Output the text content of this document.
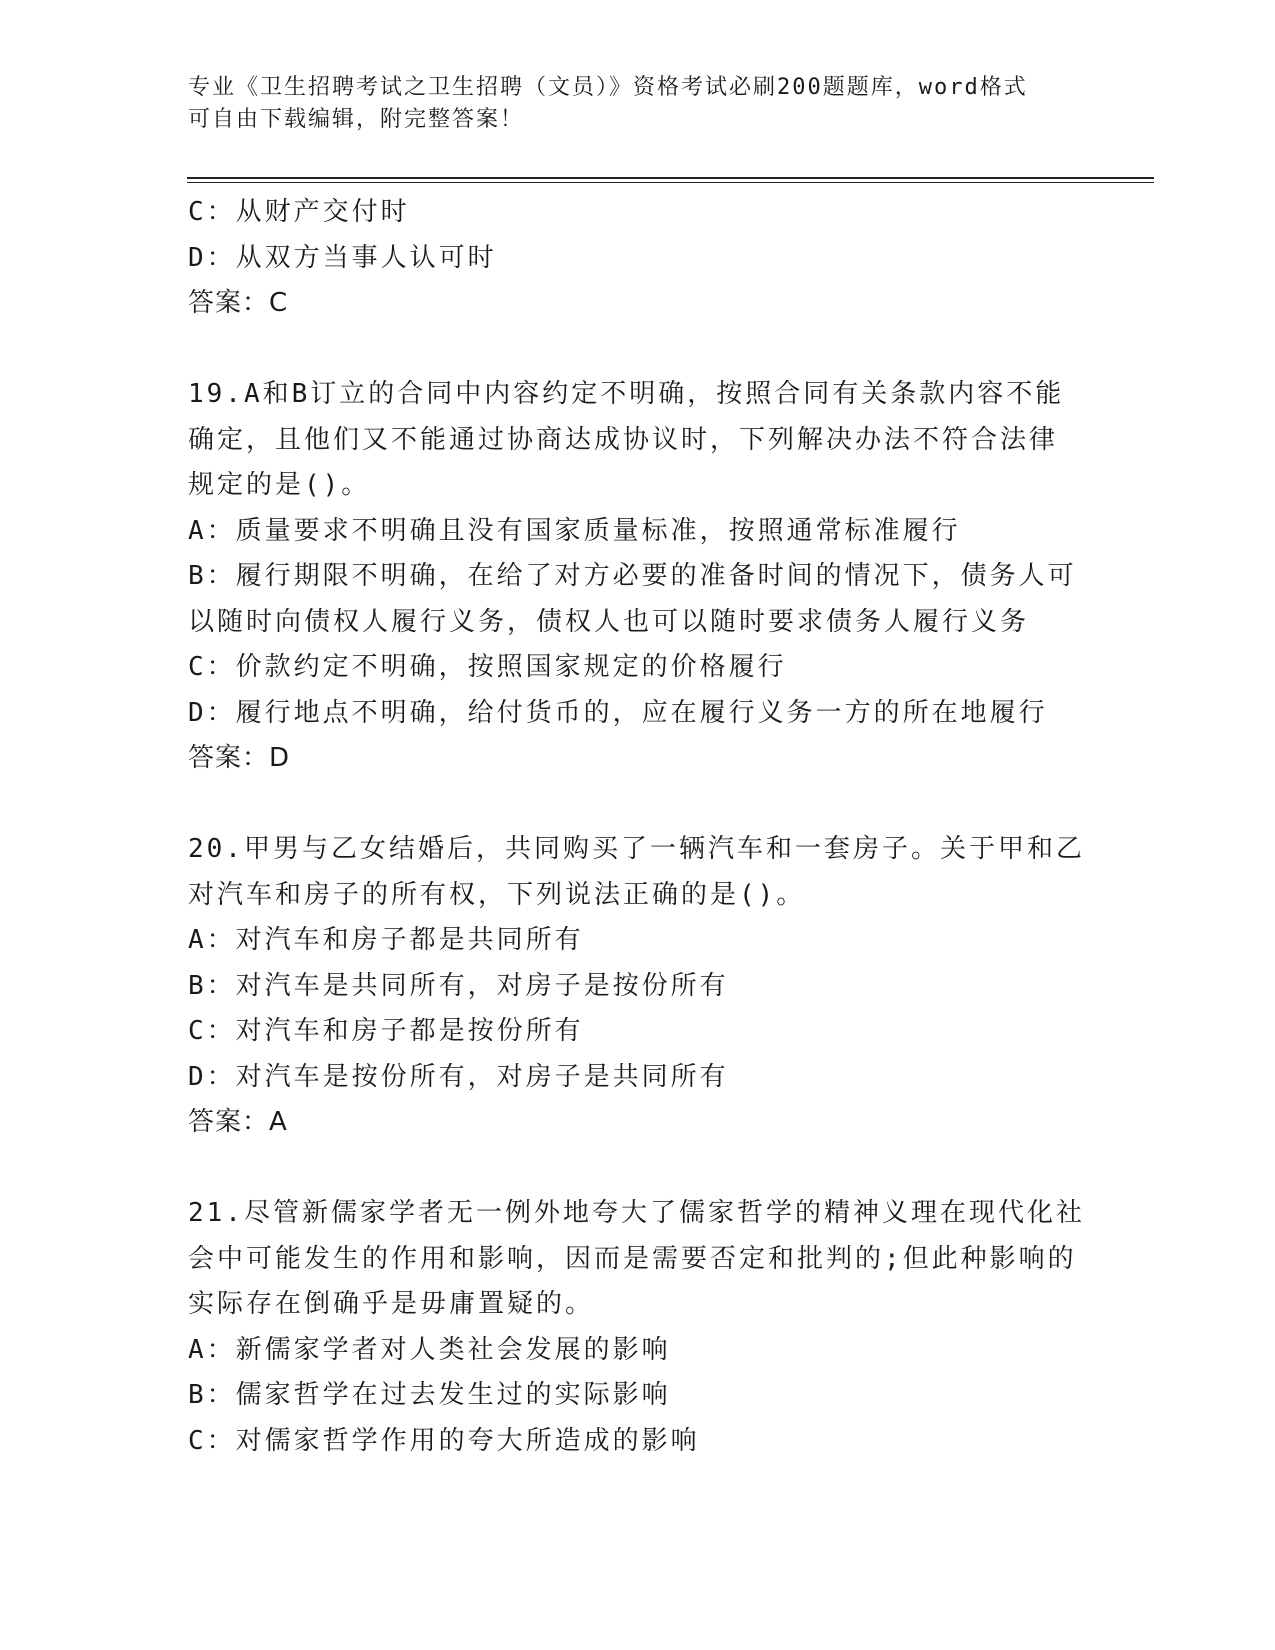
专业《卫生招聘考试之卫生招聘（文员）》资格考试必刷200题题库，word格式
可自由下载编辑，附完整答案！
C：从财产交付时
D：从双方当事人认可时
答案：C
19.A和B订立的合同中内容约定不明确，按照合同有关条款内容不能
确定，且他们又不能通过协商达成协议时，下列解决办法不符合法律
规定的是()。
A：质量要求不明确且没有国家质量标准，按照通常标准履行
B：履行期限不明确，在给了对方必要的准备时间的情况下，债务人可
以随时向债权人履行义务，债权人也可以随时要求债务人履行义务
C：价款约定不明确，按照国家规定的价格履行
D：履行地点不明确，给付货币的，应在履行义务一方的所在地履行
答案：D
20.甲男与乙女结婚后，共同购买了一辆汽车和一套房子。关于甲和乙
对汽车和房子的所有权，下列说法正确的是()。
A：对汽车和房子都是共同所有
B：对汽车是共同所有，对房子是按份所有
C：对汽车和房子都是按份所有
D：对汽车是按份所有，对房子是共同所有
答案：A
21.尽管新儒家学者无一例外地夸大了儒家哲学的精神义理在现代化社
会中可能发生的作用和影响，因而是需要否定和批判的;但此种影响的
实际存在倒确乎是毋庸置疑的。
A：新儒家学者对人类社会发展的影响
B：儒家哲学在过去发生过的实际影响
C：对儒家哲学作用的夸大所造成的影响
